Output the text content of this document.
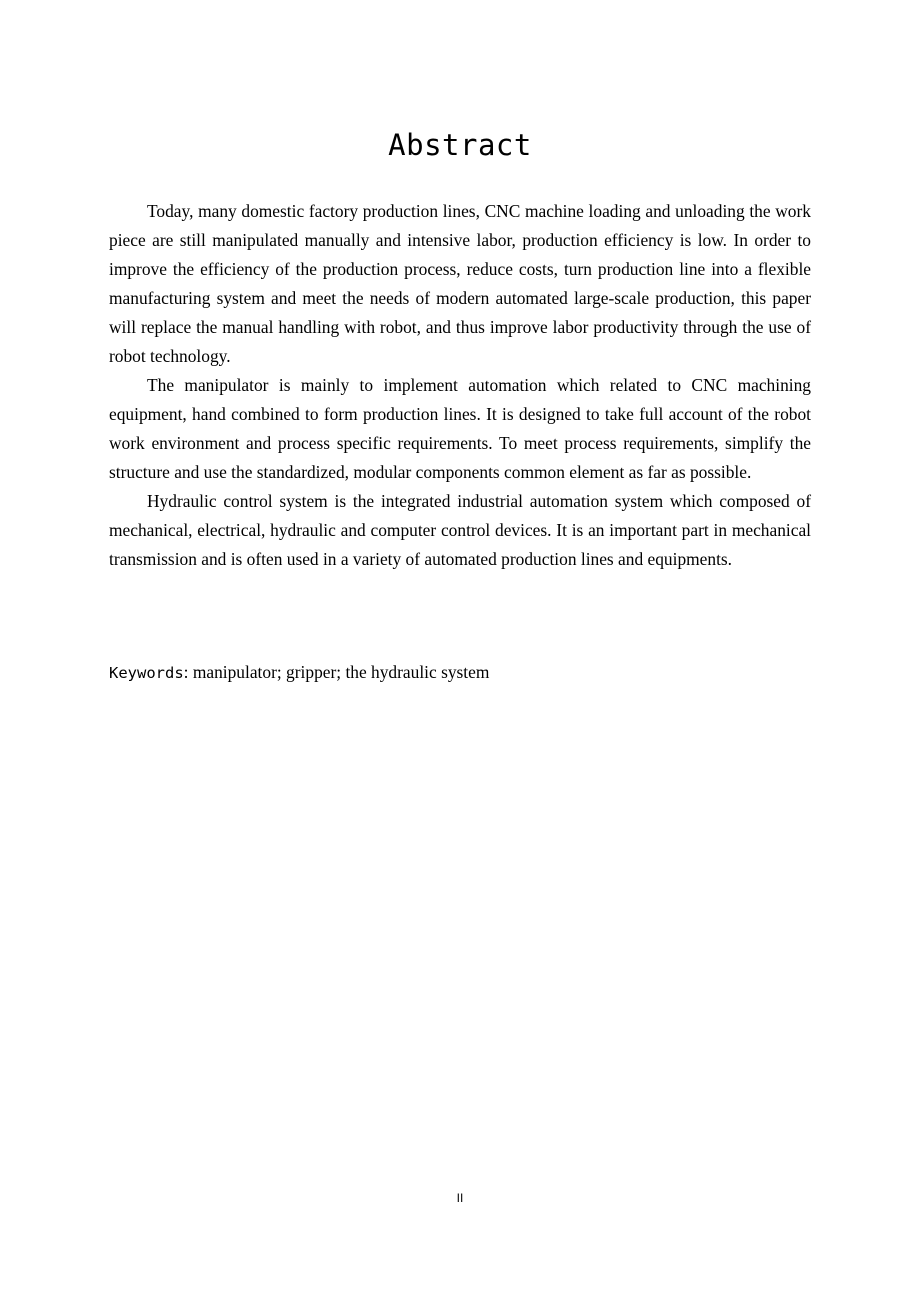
Abstract

Today, many domestic factory production lines, CNC machine loading and unloading the work piece are still manipulated manually and intensive labor, production efficiency is low. In order to improve the efficiency of the production process, reduce costs, turn production line into a flexible manufacturing system and meet the needs of modern automated large-scale production, this paper will replace the manual handling with robot, and thus improve labor productivity through the use of robot technology.

The manipulator is mainly to implement automation which related to CNC machining equipment, hand combined to form production lines. It is designed to take full account of the robot work environment and process specific requirements. To meet process requirements, simplify the structure and use the standardized, modular components common element as far as possible.

Hydraulic control system is the integrated industrial automation system which composed of mechanical, electrical, hydraulic and computer control devices. It is an important part in mechanical transmission and is often used in a variety of automated production lines and equipments.

Keywords: manipulator; gripper; the hydraulic system

II
